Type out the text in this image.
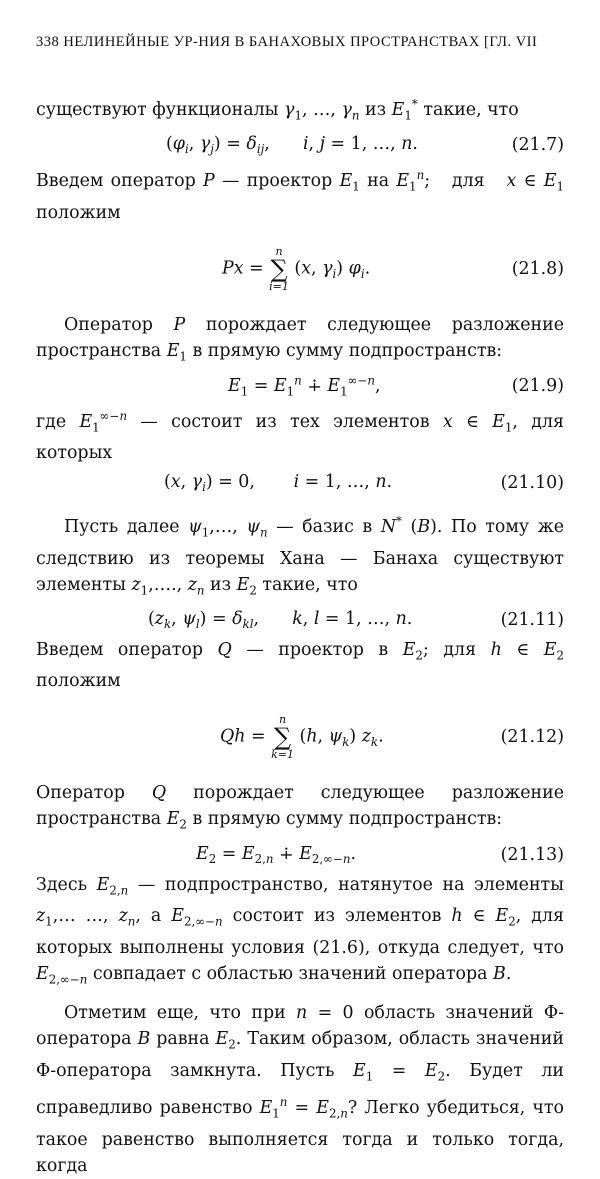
338 НЕЛИНЕЙНЫЕ УР-НИЯ В БАНАХОВЫХ ПРОСТРАНСТВАХ [ГЛ. VII

существуют функционалы $\gamma_1$, …, $\gamma_n$ из $E_1^*$ такие, что

($\varphi_i$, $\gamma_j) = \delta_{ij}$,      i, j = 1, …, n.	(21.7)

Введем оператор P — проектор $E_1$ на $E_1^n$;   для   x ∈ $E_1$ положим

Px =
n
∑
i=1
(x, $\gamma_i$) $\varphi_i$.	(21.8)

Оператор P порождает следующее разложение пространства $E_1$ в прямую сумму подпространств:

$E_1 = E_1^n$ ∔ $E_1^{\infty-n}$,	(21.9)

где $E_1^{\infty-n}$ — состоит из тех элементов x ∈ $E_1$, для которых

(x, $\gamma_i) = 0$,       i = 1, …, n.	(21.10)

Пусть далее $\psi_1,\dots$, $\psi_n$ — базис в N* (B). По тому же следствию из теоремы Хана — Банаха существуют элементы $z_1,\dots$., $z_n$ из $E_2$ такие, что

($z_k$, $\psi_l) = \delta_{kl}$,      k, l = 1, …, n.	(21.11)

Введем оператор Q — проектор в $E_2$; для h ∈ $E_2$ положим

Qh =
n
∑
k=1
(h, $\psi_k$) $z_k$.	(21.12)

Оператор Q порождает следующее разложение пространства $E_2$ в прямую сумму подпространств:

$E_2 = E_{2,n}$ ∔ $E_{2,\infty-n}$.	(21.13)

Здесь $E_{2,n}$ — подпространство, натянутое на элементы $z_1,\dots$ …, $z_n$, а $E_{2,\infty-n}$ состоит из элементов h ∈ $E_2$, для которых выполнены условия (21.6), откуда следует, что $E_{2,\infty-n}$ совпадает с областью значений оператора B.

Отметим еще, что при n = 0 область значений Φ-оператора B равна $E_2$. Таким образом, область значений Φ-оператора замкнута. Пусть $E_1 = E_2$. Будет ли справедливо равенство $E_1^n = E_{2,n}$? Легко убедиться, что такое равенство выполняется тогда и только тогда, когда
